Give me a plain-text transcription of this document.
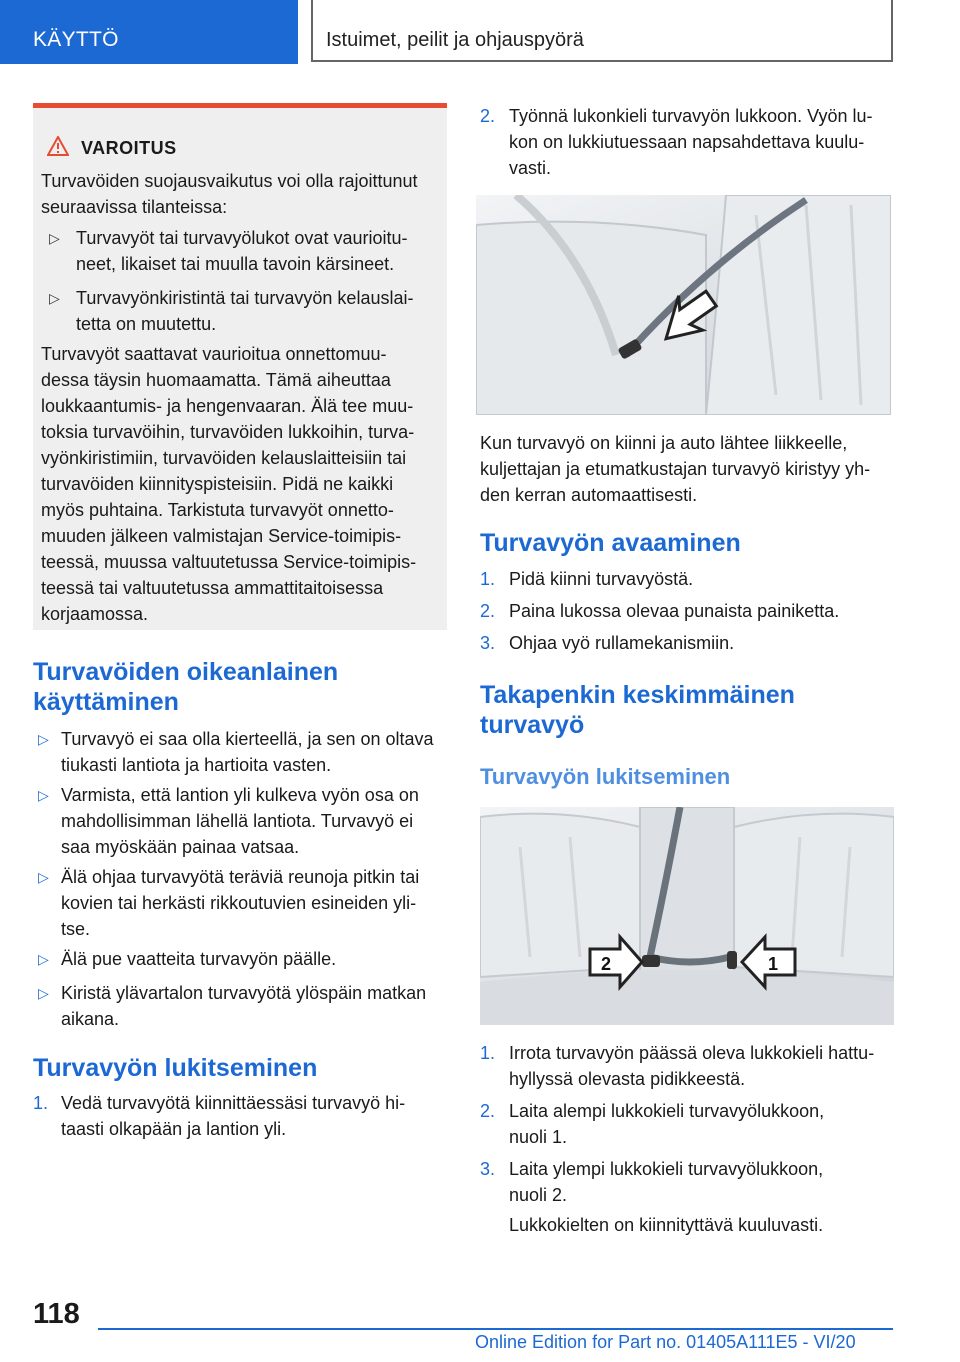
KÄYTTÖ	Istuimet, peilit ja ohjauspyörä
VAROITUS
Turvavöiden suojausvaikutus voi olla rajoittunut
seuraavissa tilanteissa:
▷ Turvavyöt tai turvavyölukot ovat vaurioitu-
neet, likaiset tai muulla tavoin kärsineet.
▷ Turvavyönkiristintä tai turvavyön kelauslai-
tetta on muutettu.
Turvavyöt saattavat vaurioitua onnettomuu-
dessa täysin huomaamatta. Tämä aiheuttaa
loukkaantumis- ja hengenvaaran. Älä tee muu-
toksia turvavöihin, turvavöiden lukkoihin, turva-
vyönkiristimiin, turvavöiden kelauslaitteisiin tai
turvavöiden kiinnityspisteisiin. Pidä ne kaikki
myös puhtaina. Tarkistuta turvavyöt onnetto-
muuden jälkeen valmistajan Service-toimipis-
teessä, muussa valtuutetussa Service-toimipis-
teessä tai valtuutetussa ammattitaitoisessa
korjaamossa.
Turvavöiden oikeanlainen
käyttäminen
▷ Turvavyö ei saa olla kierteellä, ja sen on oltava
tiukasti lantiota ja hartioita vasten.
▷ Varmista, että lantion yli kulkeva vyön osa on
mahdollisimman lähellä lantiota. Turvavyö ei
saa myöskään painaa vatsaa.
▷ Älä ohjaa turvavyötä teräviä reunoja pitkin tai
kovien tai herkästi rikkoutuvien esineiden yli-
tse.
▷ Älä pue vaatteita turvavyön päälle.
▷ Kiristä ylävartalon turvavyötä ylöspäin matkan
aikana.
Turvavyön lukitseminen
1. Vedä turvavyötä kiinnittäessäsi turvavyö hi-
taasti olkapään ja lantion yli.
2. Työnnä lukonkieli turvavyön lukkoon. Vyön lu-
kon on lukkiutuessaan napsahdettava kuulu-
vasti.
Kun turvavyö on kiinni ja auto lähtee liikkeelle,
kuljettajan ja etumatkustajan turvavyö kiristyy yh-
den kerran automaattisesti.
Turvavyön avaaminen
1. Pidä kiinni turvavyöstä.
2. Paina lukossa olevaa punaista painiketta.
3. Ohjaa vyö rullamekanismiin.
Takapenkin keskimmäinen
turvavyö
Turvavyön lukitseminen
2	1
1. Irrota turvavyön päässä oleva lukkokieli hattu-
hyllyssä olevasta pidikkeestä.
2. Laita alempi lukkokieli turvavyölukkoon,
nuoli 1.
3. Laita ylempi lukkokieli turvavyölukkoon,
nuoli 2.
Lukkokielten on kiinnityttävä kuuluvasti.
118
Online Edition for Part no. 01405A111E5 - VI/20
